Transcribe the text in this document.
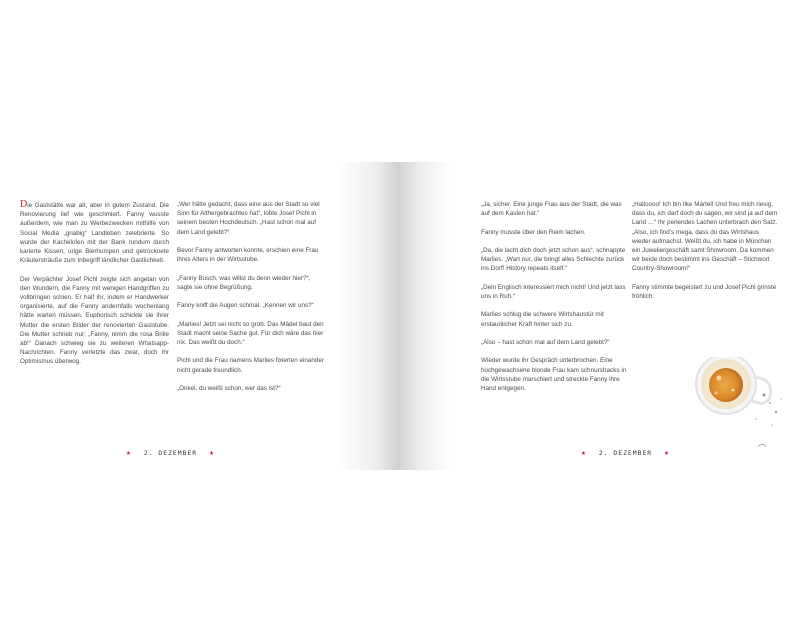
Die Gaststätte war alt, aber in gutem Zustand. Die Renovierung lief wie geschmiert. Fanny wusste außerdem, wie man zu Werbezwecken mithilfe von Social Media „griabig“ Landleben zelebrierte. So wurde der Kachelofen mit der Bank rundum durch karierte Kissen, urige Bierhumpen und getrocknete Kräutersträuße zum Inbegriff ländlicher Gastlichkeit.

Der Verpächter Josef Pichl zeigte sich angetan von den Wundern, die Fanny mit wenigen Handgriffen zu vollbringen schien. Er half ihr, indem er Handwerker organisierte, auf die Fanny andernfalls wochenlang hätte warten müssen. Euphorisch schickte sie ihrer Mutter die ersten Bilder der renovierten Gaststube. Die Mutter schrieb nur: „Fanny, nimm die rosa Brille ab!“ Danach schwieg sie zu weiteren Whatsapp-Nachrichten. Fanny verletzte das zwar, doch ihr Optimismus überwog.

„Wer hätte gedacht, dass eine aus der Stadt so viel Sinn für Althergebrachtes hat“, lobte Josef Pichl in seinem besten Hochdeutsch. „Hast schon mal auf dem Land gelebt?“

Bevor Fanny antworten konnte, erschien eine Frau ihres Alters in der Wirtsstube.

„Fanny Busch, was willst du denn wieder hier?“, sagte sie ohne Begrüßung.

Fanny kniff die Augen schmal. „Kennen wir uns?“

„Marlies! Jetzt sei nicht so grob. Das Mädel baut den Stadt macht seine Sache gut. Für dich wäre das hier nix. Das weißt du doch.“

Pichl und die Frau namens Marlies fixierten einander nicht gerade freundlich.

„Onkel, du weißt schon, wer das ist?“

★ 2. DEZEMBER ★

„Ja, sicher. Eine junge Frau aus der Stadt, die was auf dem Kasten hat.“

Fanny musste über den Reim lachen.

„Da, die lacht dich doch jetzt schon aus“, schnappte Marlies. „Wart nur, die bringt alles Schlechte zurück ins Dorf! History repeats itself.“

„Dein Englisch interessiert mich nicht! Und jetzt lass uns in Ruh.“

Marlies schlug die schwere Wirtshaustür mit erstaunlicher Kraft hinter sich zu.

„Also – hast schon mal auf dem Land gelebt?“

Wieder wurde ihr Gespräch unterbrochen. Eine hochgewachsene blonde Frau kam schnurstracks in die Wirtsstube marschiert und streckte Fanny ihre Hand entgegen.

„Halloooo! Ich bin Ilke Märtel! Und freu mich riesig, dass du, ich darf doch du sagen, wir sind ja auf dem Land …“ Ihr perlendes Lachen unterbrach den Satz. „Also, ich find’s mega, dass du das Wirtshaus wieder aufmachst. Weißt du, ich habe in München ein Juweliergeschäft samt Showroom. Da kommen wir beide doch bestimmt ins Geschäft – Stichwort Country-Showroom!“

Fanny stimmte begeistert zu und Josef Pichl grinste fröhlich.

★ 2. DEZEMBER ★
